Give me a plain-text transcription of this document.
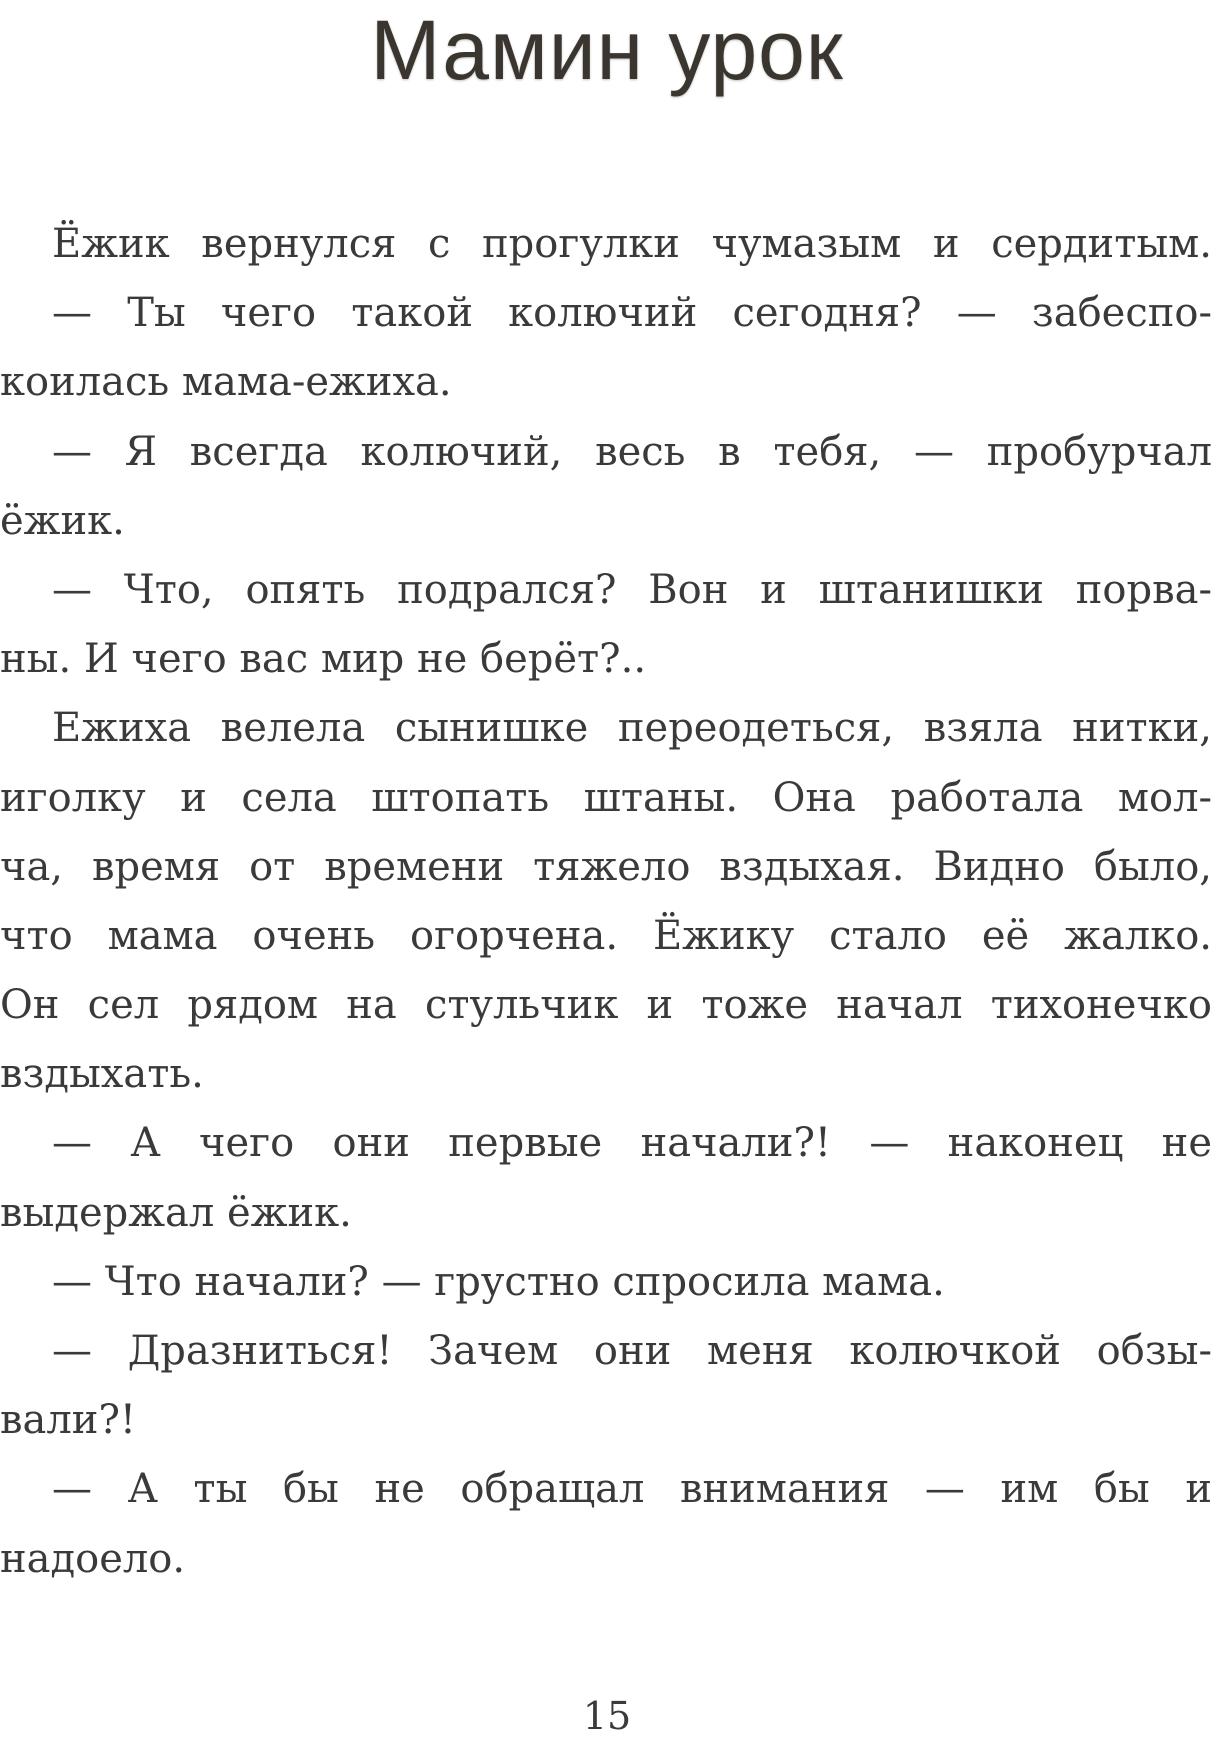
Мамин урок
Ёжик вернулся с прогулки чумазым и сердитым.
— Ты чего такой колючий сегодня? — забеспо-
коилась мама-ежиха.
— Я всегда колючий, весь в тебя, — пробурчал
ёжик.
— Что, опять подрался? Вон и штанишки порва-
ны. И чего вас мир не берёт?..
Ежиха велела сынишке переодеться, взяла нитки,
иголку и села штопать штаны. Она работала мол-
ча, время от времени тяжело вздыхая. Видно было,
что мама очень огорчена. Ёжику стало её жалко.
Он сел рядом на стульчик и тоже начал тихонечко
вздыхать.
— А чего они первые начали?! — наконец не
выдержал ёжик.
— Что начали? — грустно спросила мама.
— Дразниться! Зачем они меня колючкой обзы-
вали?!
— А ты бы не обращал внимания — им бы и
надоело.
15
